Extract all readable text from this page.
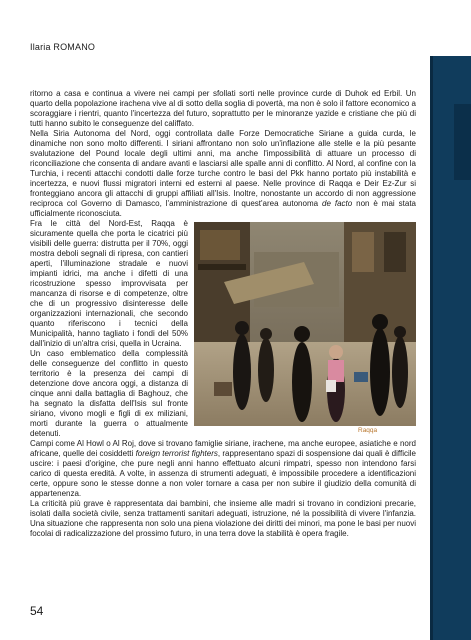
Ilaria ROMANO

ritorno a casa e continua a vivere nei campi per sfollati sorti nelle province curde di Duhok ed Erbil. Un quarto della popolazione irachena vive al di sotto della soglia di povertà, ma non è solo il fattore economico a scoraggiare i rientri, quanto l'incertezza del futuro, soprattutto per le minoranze yazide e cristiane che più di tutti hanno subito le conseguenze del califfato.

Nella Siria Autonoma del Nord, oggi controllata dalle Forze Democratiche Siriane a guida curda, le dinamiche non sono molto differenti. I siriani affrontano non solo un'inflazione alle stelle e la più pesante svalutazione del Pound locale degli ultimi anni, ma anche l'impossibilità di attuare un processo di riconciliazione che consenta di andare avanti e lasciarsi alle spalle anni di conflitto. Al Nord, al confine con la Turchia, i recenti attacchi condotti dalle forze turche contro le basi del Pkk hanno portato più instabilità e incertezza, e nuovi flussi migratori interni ed esterni al paese. Nelle province di Raqqa e Deir Ez-Zur si fronteggiano ancora gli attacchi di gruppi affiliati all'Isis. Inoltre, nonostante un accordo di non aggressione reciproca col Governo di Damasco, l'amministrazione di quest'area autonoma de facto non è mai stata ufficialmente riconosciuta.

Fra le città del Nord-Est, Raqqa è sicuramente quella che porta le cicatrici più visibili delle guerra: distrutta per il 70%, oggi mostra deboli segnali di ripresa, con cantieri aperti, l'illuminazione stradale e nuovi impianti idrici, ma anche i difetti di una ricostruzione spesso improvvisata per mancanza di risorse e di competenze, oltre che di un progressivo disinteresse delle organizzazioni internazionali, che secondo quanto riferiscono i tecnici della Municipalità, hanno tagliato i fondi del 50% dall'inizio di un'altra crisi, quella in Ucraina.

Un caso emblematico della complessità delle conseguenze del conflitto in questo territorio è la presenza dei campi di detenzione dove ancora oggi, a distanza di cinque anni dalla battaglia di Baghouz, che ha segnato la disfatta dell'Isis sul fronte siriano, vivono mogli e figli di ex miliziani, morti durante la guerra o attualmente detenuti.

Campi come Al Howl o Al Roj, dove si trovano famiglie siriane, irachene, ma anche europee, asiatiche e nord africane, quelle dei cosiddetti foreign terrorist fighters, rappresentano spazi di sospensione dai quali è difficile uscire: i paesi d'origine, che pure negli anni hanno effettuato alcuni rimpatri, spesso non intendono farsi carico di questa eredità. A volte, in assenza di strumenti adeguati, è impossibile procedere a identificazioni certe, oppure sono le stesse donne a non voler tornare a casa per non subire il giudizio della comunità di appartenenza.

La criticità più grave è rappresentata dai bambini, che insieme alle madri si trovano in condizioni precarie, isolati dalla società civile, senza trattamenti sanitari adeguati, istruzione, né la possibilità di vivere l'infanzia. Una situazione che rappresenta non solo una piena violazione dei diritti dei minori, ma pone le basi per nuovi focolai di radicalizzazione del prossimo futuro, in una terra dove la stabilità è opera fragile.

Raqqa
54
